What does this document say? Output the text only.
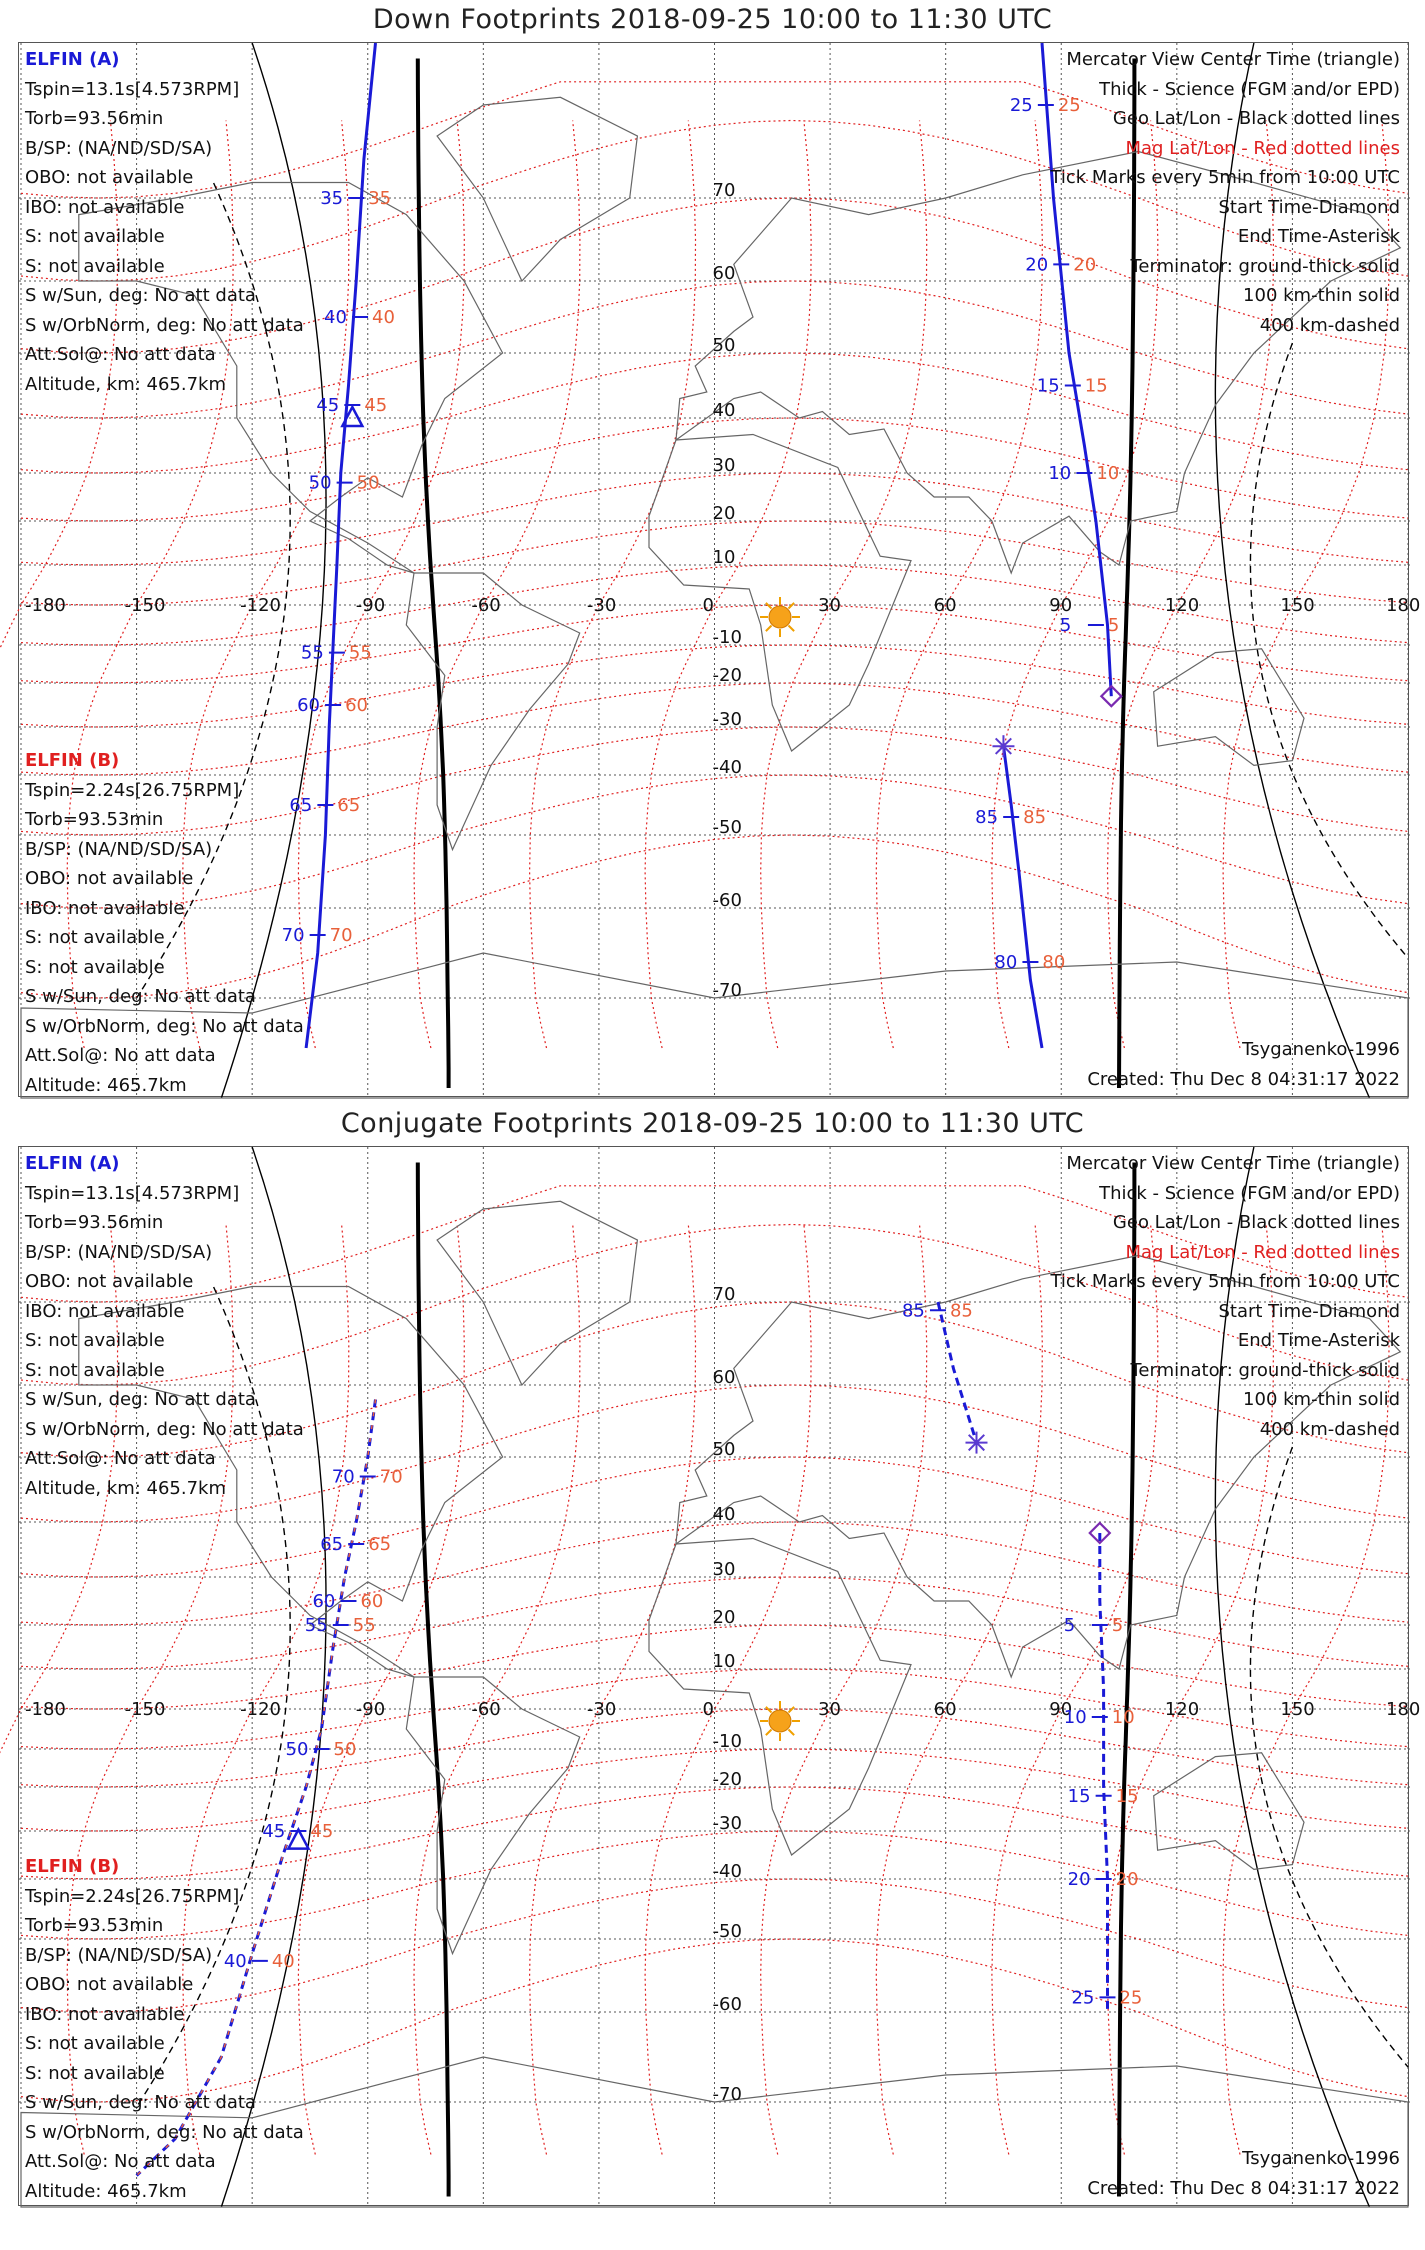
Down Footprints 2018-09-25 10:00 to 11:30 UTC
-180	-150	-120	-90	-60	-30	0	30	60	90	120	150	180
70
60
50
40
30
20
10
-10
-20
-30
-40
-50
-60
-70
35 35
40 40
45 45
50 50
55 55
60 60
65 65
70 70
25 25
20 20
15 15
10 10
5 5
85 85
80 80
ELFIN (A)
Tspin=13.1s[4.573RPM]
Torb=93.56min
B/SP: (NA/ND/SD/SA)
OBO: not available
IBO: not available
S: not available
S: not available
S w/Sun, deg: No att data
S w/OrbNorm, deg: No att data
Att.Sol@: No att data
Altitude, km: 465.7km
ELFIN (B)
Tspin=2.24s[26.75RPM]
Torb=93.53min
B/SP: (NA/ND/SD/SA)
OBO: not available
IBO: not available
S: not available
S: not available
S w/Sun, deg: No att data
S w/OrbNorm, deg: No att data
Att.Sol@: No att data
Altitude: 465.7km
Mercator View Center Time (triangle)
Thick - Science (FGM and/or EPD)
Geo Lat/Lon - Black dotted lines
Mag Lat/Lon - Red dotted lines
Tick Marks every 5min from 10:00 UTC
Start Time-Diamond
End Time-Asterisk
Terminator: ground-thick solid
100 km-thin solid
400 km-dashed
Tsyganenko-1996
Created: Thu Dec 8 04:31:17 2022
Conjugate Footprints 2018-09-25 10:00 to 11:30 UTC
-180	-150	-120	-90	-60	-30	0	30	60	90	120	150	180
70
60
50
40
30
20
10
-10
-20
-30
-40
-50
-60
-70
70 70
65 65
60 60
55 55
50 50
45 45
40 40
85 85
5 5
10 10
15 15
20 20
25 25
ELFIN (A)
Tspin=13.1s[4.573RPM]
Torb=93.56min
B/SP: (NA/ND/SD/SA)
OBO: not available
IBO: not available
S: not available
S: not available
S w/Sun, deg: No att data
S w/OrbNorm, deg: No att data
Att.Sol@: No att data
Altitude, km: 465.7km
ELFIN (B)
Tspin=2.24s[26.75RPM]
Torb=93.53min
B/SP: (NA/ND/SD/SA)
OBO: not available
IBO: not available
S: not available
S: not available
S w/Sun, deg: No att data
S w/OrbNorm, deg: No att data
Att.Sol@: No att data
Altitude: 465.7km
Mercator View Center Time (triangle)
Thick - Science (FGM and/or EPD)
Geo Lat/Lon - Black dotted lines
Mag Lat/Lon - Red dotted lines
Tick Marks every 5min from 10:00 UTC
Start Time-Diamond
End Time-Asterisk
Terminator: ground-thick solid
100 km-thin solid
400 km-dashed
Tsyganenko-1996
Created: Thu Dec 8 04:31:17 2022
